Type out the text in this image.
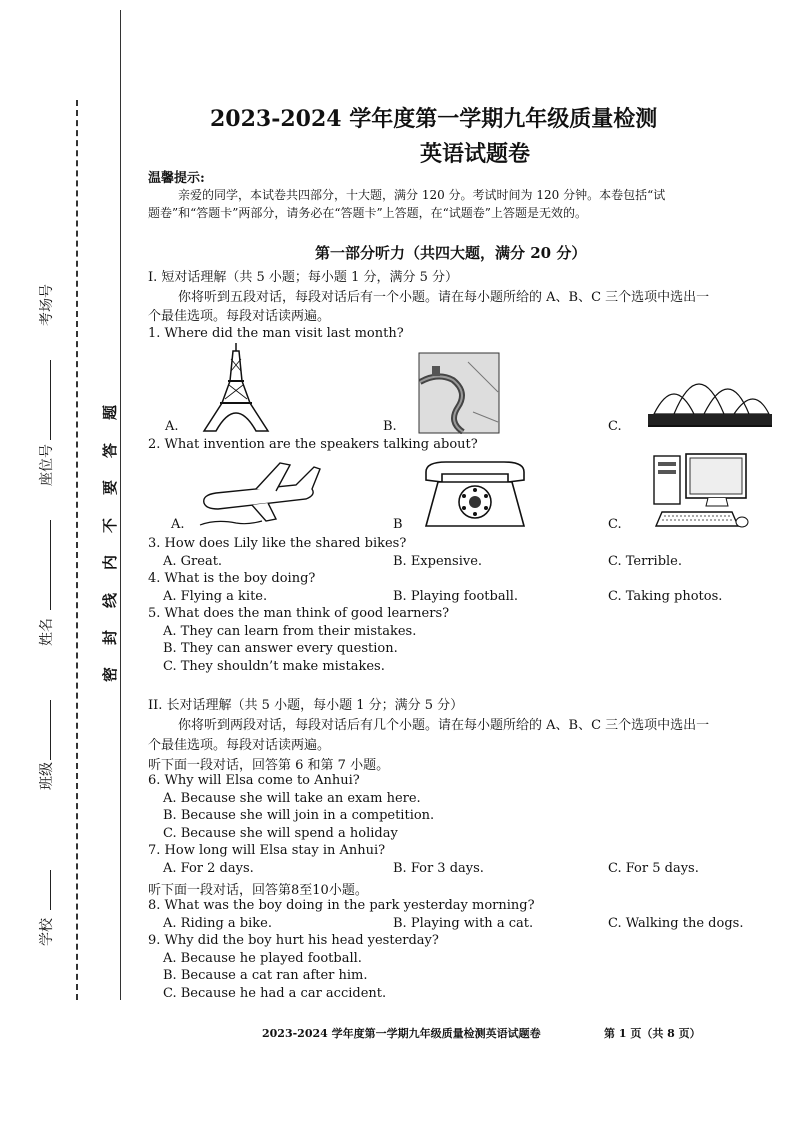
学校
班级
姓名
座位号
考场号
题
答
要
不
内
线
封
密
2023-2024 学年度第一学期九年级质量检测
英语试题卷
温馨提示:
亲爱的同学，本试卷共四部分，十大题，满分 120 分。考试时间为 120 分钟。本卷包括“试
题卷”和“答题卡”两部分，请务必在“答题卡”上答题，在“试题卷”上答题是无效的。
第一部分听力（共四大题，满分 20 分）
I. 短对话理解（共 5 小题；每小题 1 分，满分 5 分）
你将听到五段对话，每段对话后有一个小题。请在每小题所给的 A、B、C 三个选项中选出一
个最佳选项。每段对话读两遍。
1. Where did the man visit last month?
A.	B.	C.
2. What invention are the speakers talking about?
A.	B	C.
3. How does Lily like the shared bikes?
A. Great.	B. Expensive.	C. Terrible.
4. What is the boy doing?
A. Flying a kite.	B. Playing football.	C. Taking photos.
5. What does the man think of good learners?
A. They can learn from their mistakes.
B. They can answer every question.
C. They shouldn’t make mistakes.
II. 长对话理解（共 5 小题，每小题 1 分；满分 5 分）
你将听到两段对话，每段对话后有几个小题。请在每小题所给的 A、B、C 三个选项中选出一
个最佳选项。每段对话读两遍。
听下面一段对话，回答第 6 和第 7 小题。
6. Why will Elsa come to Anhui?
A. Because she will take an exam here.
B. Because she will join in a competition.
C. Because she will spend a holiday
7. How long will Elsa stay in Anhui?
A. For 2 days.	B. For 3 days.	C. For 5 days.
听下面一段对话，回答第8至10小题。
8. What was the boy doing in the park yesterday morning?
A. Riding a bike.	B. Playing with a cat.	C. Walking the dogs.
9. Why did the boy hurt his head yesterday?
A. Because he played football.
B. Because a cat ran after him.
C. Because he had a car accident.
2023-2024 学年度第一学期九年级质量检测英语试题卷	第 1 页（共 8 页）
